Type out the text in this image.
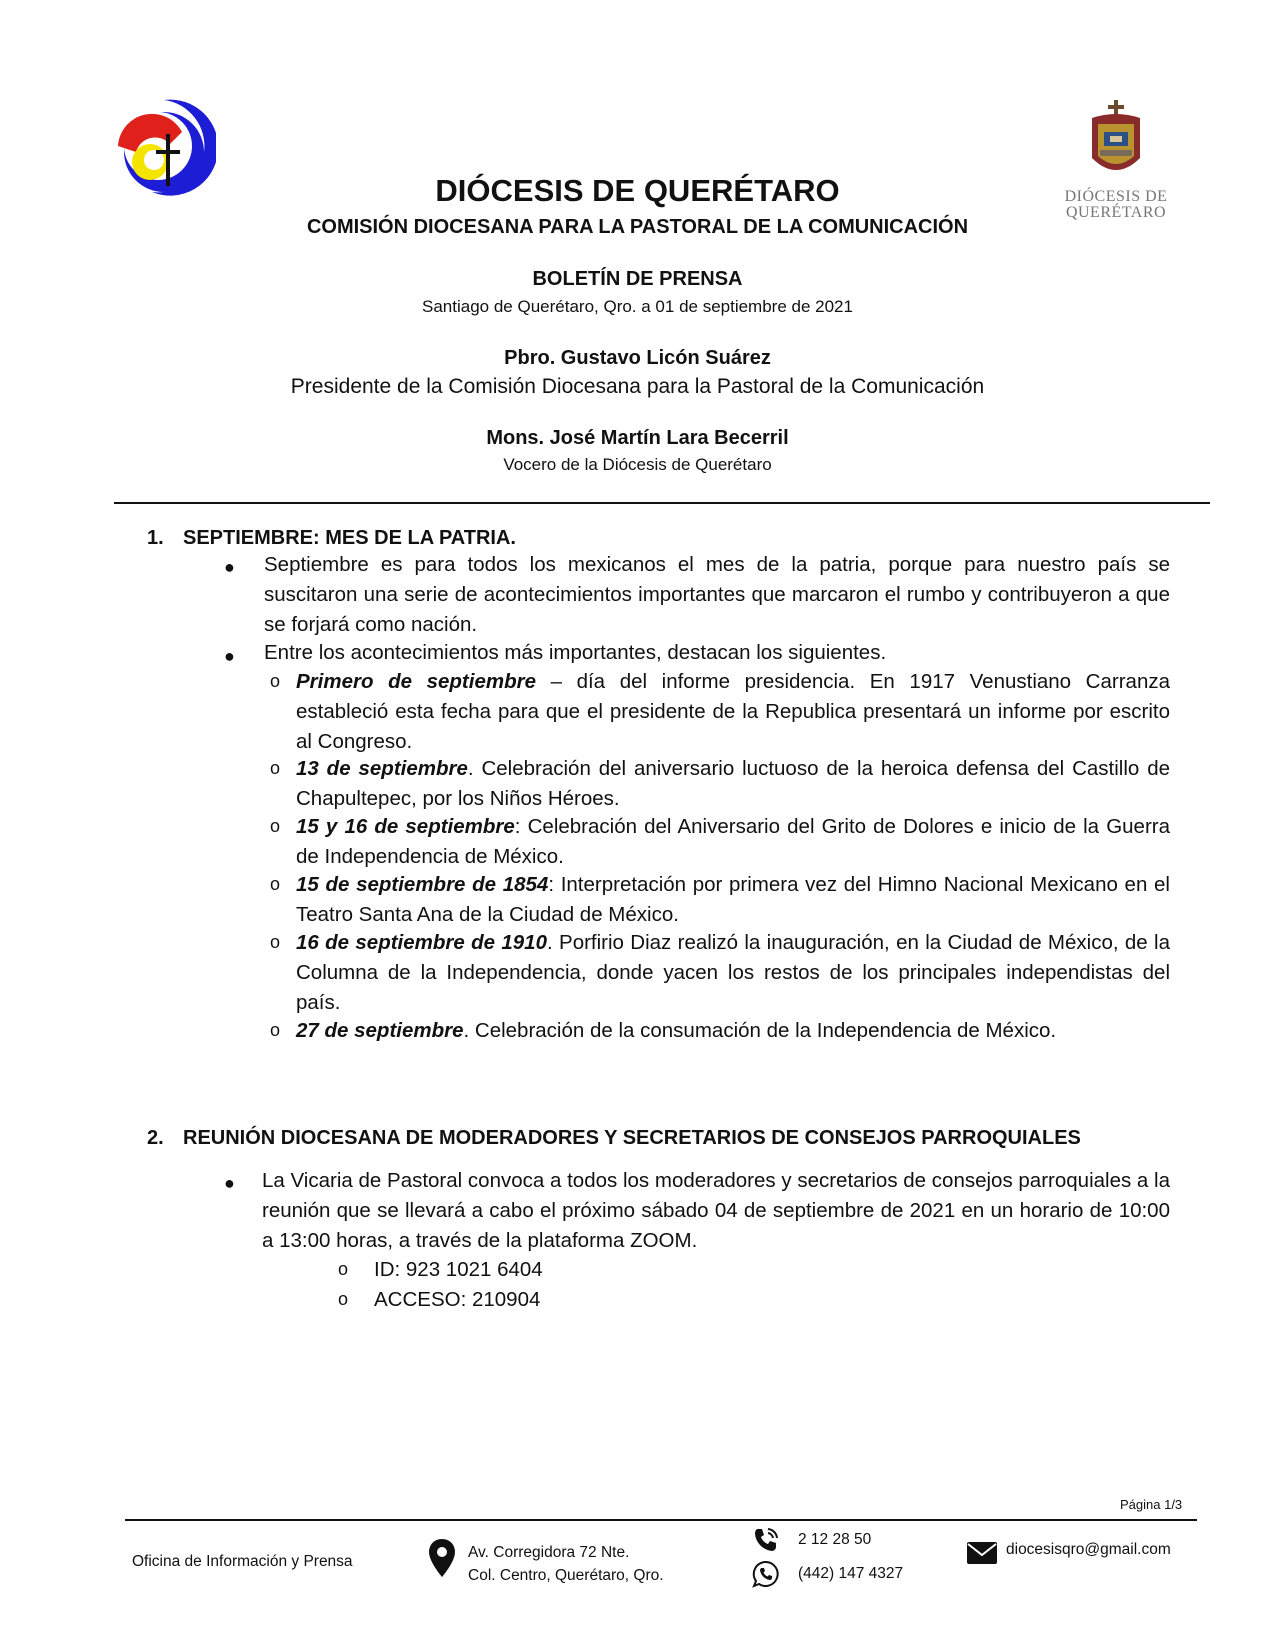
DIÓCESIS DE
QUERÉTARO
DIÓCESIS DE QUERÉTARO
COMISIÓN DIOCESANA PARA LA PASTORAL DE LA COMUNICACIÓN
BOLETÍN DE PRENSA
Santiago de Querétaro, Qro. a 01 de septiembre de 2021
Pbro. Gustavo Licón Suárez
Presidente de la Comisión Diocesana para la Pastoral de la Comunicación
Mons. José Martín Lara Becerril
Vocero de la Diócesis de Querétaro
1. SEPTIEMBRE: MES DE LA PATRIA.
● Septiembre es para todos los mexicanos el mes de la patria, porque para nuestro país se suscitaron una serie de acontecimientos importantes que marcaron el rumbo y contribuyeron a que se forjará como nación.
● Entre los acontecimientos más importantes, destacan los siguientes.
o Primero de septiembre – día del informe presidencia. En 1917 Venustiano Carranza estableció esta fecha para que el presidente de la Republica presentará un informe por escrito al Congreso.
o 13 de septiembre. Celebración del aniversario luctuoso de la heroica defensa del Castillo de Chapultepec, por los Niños Héroes.
o 15 y 16 de septiembre: Celebración del Aniversario del Grito de Dolores e inicio de la Guerra de Independencia de México.
o 15 de septiembre de 1854: Interpretación por primera vez del Himno Nacional Mexicano en el Teatro Santa Ana de la Ciudad de México.
o 16 de septiembre de 1910. Porfirio Diaz realizó la inauguración, en la Ciudad de México, de la Columna de la Independencia, donde yacen los restos de los principales independistas del país.
o 27 de septiembre. Celebración de la consumación de la Independencia de México.
2. REUNIÓN DIOCESANA DE MODERADORES Y SECRETARIOS DE CONSEJOS PARROQUIALES
● La Vicaria de Pastoral convoca a todos los moderadores y secretarios de consejos parroquiales a la reunión que se llevará a cabo el próximo sábado 04 de septiembre de 2021 en un horario de 10:00 a 13:00 horas, a través de la plataforma ZOOM.
o ID: 923 1021 6404
o ACCESO: 210904
Página 1/3
Oficina de Información y Prensa
Av. Corregidora 72 Nte.
Col. Centro, Querétaro, Qro.
2 12 28 50
(442) 147 4327
diocesisqro@gmail.com
